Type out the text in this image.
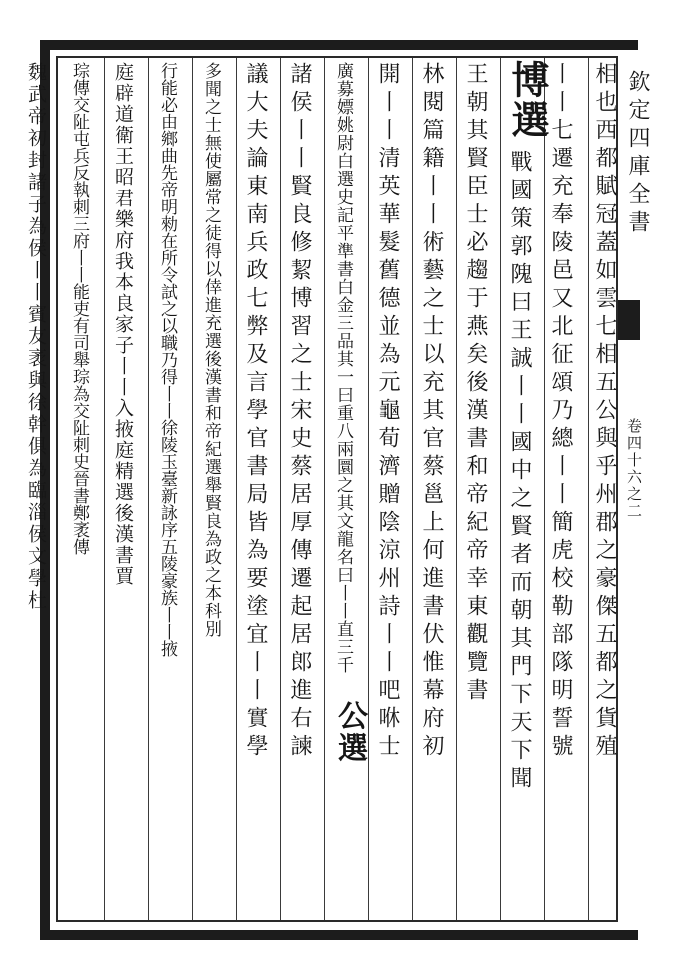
欽定四庫全書
卷四十六之二
相也西都賦冠蓋如雲七相五公與乎州郡之豪傑五都之貨殖
丨丨七遷充奉陵邑又北征頌乃總丨丨簡虎校勒部隊明誓號
博選
戰國策郭隗曰王誠丨丨國中之賢者而朝其門下天下聞
王朝其賢臣士必趨于燕矣後漢書和帝紀帝幸東觀覽書
林閱篇籍丨丨術藝之士以充其官蔡邕上何進書伏惟幕府初
開丨丨清英華髮舊德並為元龜荀濟贈陰涼州詩丨丨吧咻士
廣募嫖姚尉白選史記平準書白金三品其一曰重八兩圜之其文龍名曰丨丨直三千
公選
諸侯丨丨賢良修絜博習之士宋史蔡居厚傳遷起居郎進右諫
議大夫論東南兵政七弊及言學官書局皆為要塗宜丨丨實學
多聞之士無使屬常之徒得以倖進充選後漢書和帝紀選舉賢良為政之本科別
行能必由鄉曲先帝明勑在所令試之以職乃得丨丨徐陵玉臺新詠序五陵豪族丨丨掖
庭辟道衛王昭君樂府我本良家子丨丨入掖庭精選後漢書賈
琮傳交阯屯兵反執刺三府丨丨能吏有司舉琮為交阯刺史晉書鄭袤傳
魏武帝初封諸子為侯丨丨賓友袤與徐幹俱為臨淄侯文學杜
